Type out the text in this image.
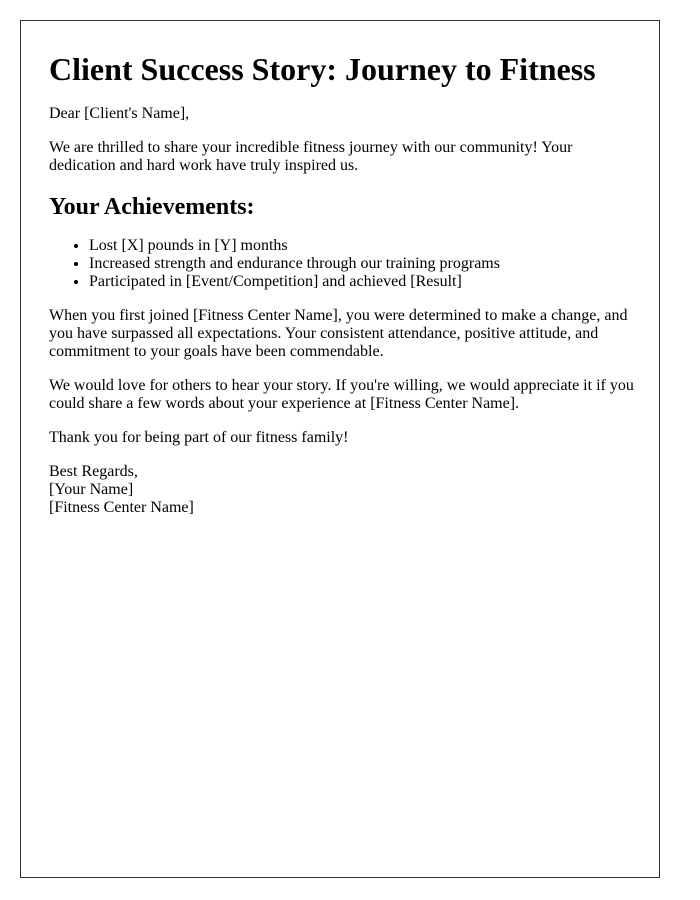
Client Success Story: Journey to Fitness

Dear [Client's Name],

We are thrilled to share your incredible fitness journey with our community! Your dedication and hard work have truly inspired us.

Your Achievements:
• Lost [X] pounds in [Y] months
• Increased strength and endurance through our training programs
• Participated in [Event/Competition] and achieved [Result]

When you first joined [Fitness Center Name], you were determined to make a change, and you have surpassed all expectations. Your consistent attendance, positive attitude, and commitment to your goals have been commendable.

We would love for others to hear your story. If you're willing, we would appreciate it if you could share a few words about your experience at [Fitness Center Name].

Thank you for being part of our fitness family!

Best Regards,
[Your Name]
[Fitness Center Name]
